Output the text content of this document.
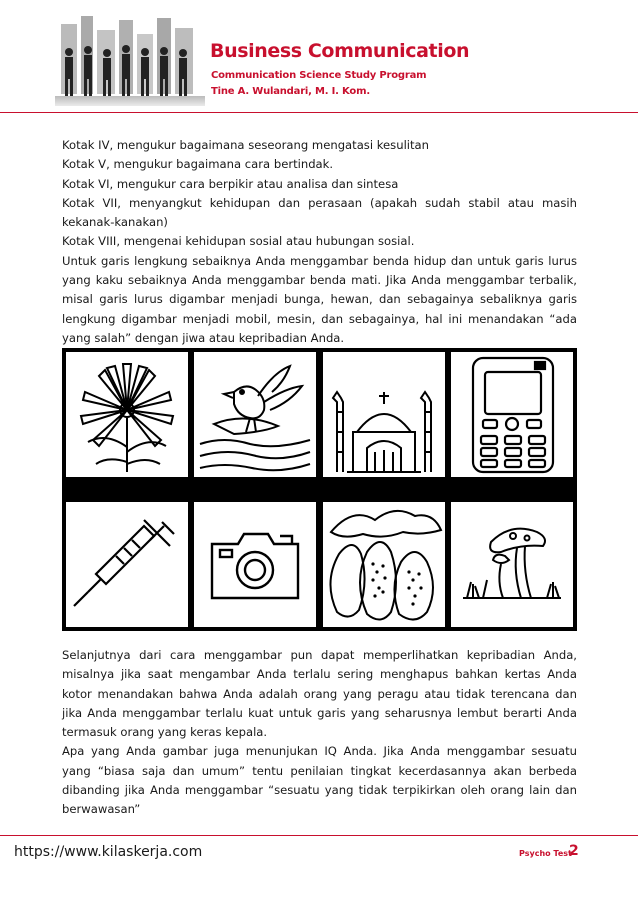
Business Communication
Communication Science Study Program
Tine A. Wulandari, M. I. Kom.

Kotak IV, mengukur bagaimana seseorang mengatasi kesulitan

Kotak V, mengukur bagaimana cara bertindak.

Kotak VI, mengukur cara berpikir atau analisa dan sintesa

Kotak VII, menyangkut kehidupan dan perasaan (apakah sudah stabil atau masih kekanak-kanakan)

Kotak VIII, mengenai kehidupan sosial atau hubungan sosial.

Untuk garis lengkung sebaiknya Anda menggambar benda hidup dan untuk garis lurus yang kaku sebaiknya Anda menggambar benda mati. Jika Anda menggambar terbalik, misal garis lurus digambar menjadi bunga, hewan, dan sebagainya sebaliknya garis lengkung digambar menjadi mobil, mesin, dan sebagainya, hal ini menandakan “ada yang salah” dengan jiwa atau kepribadian Anda.

Selanjutnya dari cara menggambar pun dapat memperlihatkan kepribadian Anda, misalnya jika saat mengambar Anda terlalu sering menghapus bahkan kertas Anda kotor menandakan bahwa Anda adalah orang yang peragu atau tidak terencana dan jika Anda menggambar terlalu kuat untuk garis yang seharusnya lembut berarti Anda termasuk orang yang keras kepala.

Apa yang Anda gambar juga menunjukan IQ Anda. Jika Anda menggambar sesuatu yang “biasa saja dan umum” tentu penilaian tingkat kecerdasannya akan berbeda dibanding jika Anda menggambar “sesuatu yang tidak terpikirkan oleh orang lain dan berwawasan”

https://www.kilaskerja.com	Psycho Test
2
